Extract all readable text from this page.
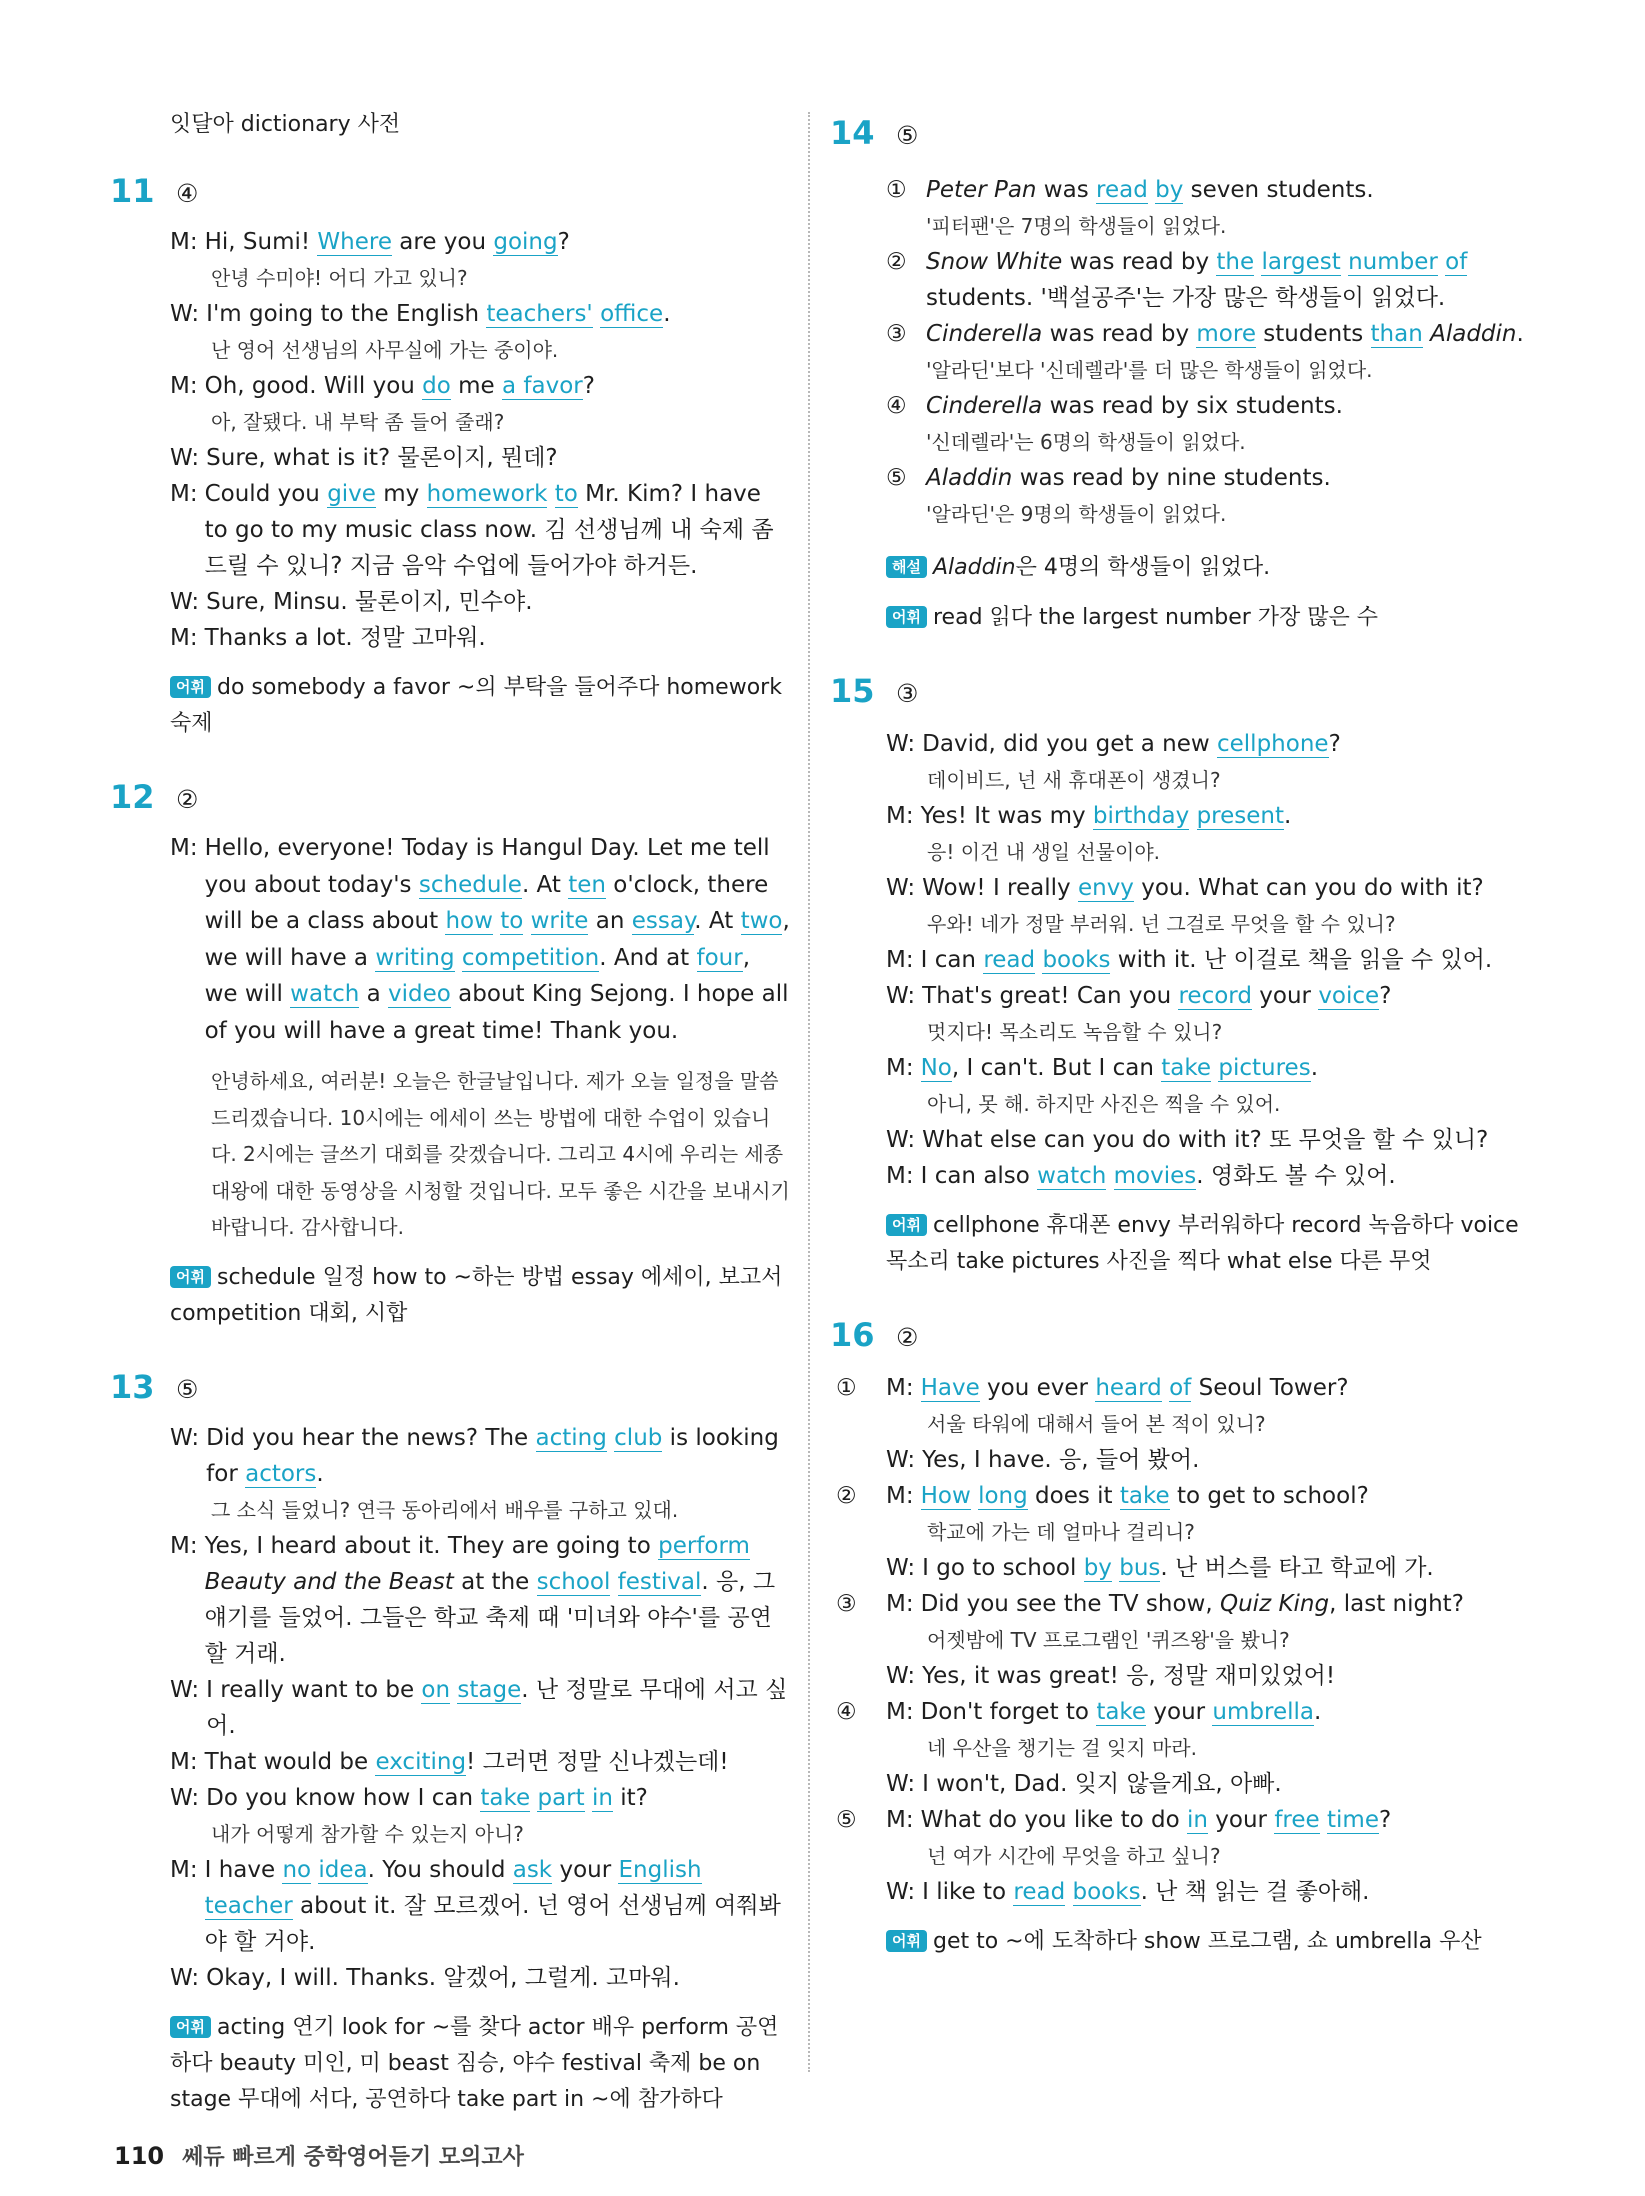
잇달아 dictionary 사전
11 ④
M: Hi, Sumi! Where are you going?
안녕 수미야! 어디 가고 있니?
W: I'm going to the English teachers' office.
난 영어 선생님의 사무실에 가는 중이야.
M: Oh, good. Will you do me a favor?
아, 잘됐다. 내 부탁 좀 들어 줄래?
W: Sure, what is it? 물론이지, 뭔데?
M: Could you give my homework to Mr. Kim? I have to go to my music class now. 김 선생님께 내 숙제 좀 드릴 수 있니? 지금 음악 수업에 들어가야 하거든.
W: Sure, Minsu. 물론이지, 민수야.
M: Thanks a lot. 정말 고마워.
어휘 do somebody a favor ~의 부탁을 들어주다 homework 숙제
12 ②
M: Hello, everyone! Today is Hangul Day. Let me tell you about today's schedule. At ten o'clock, there will be a class about how to write an essay. At two, we will have a writing competition. And at four, we will watch a video about King Sejong. I hope all of you will have a great time! Thank you.
안녕하세요, 여러분! 오늘은 한글날입니다. 제가 오늘 일정을 말씀드리겠습니다. 10시에는 에세이 쓰는 방법에 대한 수업이 있습니다. 2시에는 글쓰기 대회를 갖겠습니다. 그리고 4시에 우리는 세종대왕에 대한 동영상을 시청할 것입니다. 모두 좋은 시간을 보내시기 바랍니다. 감사합니다.
어휘 schedule 일정 how to ~하는 방법 essay 에세이, 보고서 competition 대회, 시합
13 ⑤
W: Did you hear the news? The acting club is looking for actors.
그 소식 들었니? 연극 동아리에서 배우를 구하고 있대.
M: Yes, I heard about it. They are going to perform
Beauty and the Beast at the school festival. 응, 그 얘기를 들었어. 그들은 학교 축제 때 '미녀와 야수'를 공연할 거래.
W: I really want to be on stage. 난 정말로 무대에 서고 싶어.
M: That would be exciting! 그러면 정말 신나겠는데!
W: Do you know how I can take part in it?
내가 어떻게 참가할 수 있는지 아니?
M: I have no idea. You should ask your English teacher about it. 잘 모르겠어. 넌 영어 선생님께 여쭤봐야 할 거야.
W: Okay, I will. Thanks. 알겠어, 그럴게. 고마워.
어휘 acting 연기 look for ~를 찾다 actor 배우 perform 공연하다 beauty 미인, 미 beast 짐승, 야수 festival 축제 be on stage 무대에 서다, 공연하다 take part in ~에 참가하다
14 ⑤
① Peter Pan was read by seven students.
'피터팬'은 7명의 학생들이 읽었다.
② Snow White was read by the largest number of students. '백설공주'는 가장 많은 학생들이 읽었다.
③ Cinderella was read by more students than Aladdin.
'알라딘'보다 '신데렐라'를 더 많은 학생들이 읽었다.
④ Cinderella was read by six students.
'신데렐라'는 6명의 학생들이 읽었다.
⑤ Aladdin was read by nine students.
'알라딘'은 9명의 학생들이 읽었다.
해설 Aladdin은 4명의 학생들이 읽었다.
어휘 read 읽다 the largest number 가장 많은 수
15 ③
W: David, did you get a new cellphone?
데이비드, 넌 새 휴대폰이 생겼니?
M: Yes! It was my birthday present.
응! 이건 내 생일 선물이야.
W: Wow! I really envy you. What can you do with it?
우와! 네가 정말 부러워. 넌 그걸로 무엇을 할 수 있니?
M: I can read books with it. 난 이걸로 책을 읽을 수 있어.
W: That's great! Can you record your voice?
멋지다! 목소리도 녹음할 수 있니?
M: No, I can't. But I can take pictures.
아니, 못 해. 하지만 사진은 찍을 수 있어.
W: What else can you do with it? 또 무엇을 할 수 있니?
M: I can also watch movies. 영화도 볼 수 있어.
어휘 cellphone 휴대폰 envy 부러워하다 record 녹음하다 voice 목소리 take pictures 사진을 찍다 what else 다른 무엇
16 ②
①	M: Have you ever heard of Seoul Tower?
서울 타워에 대해서 들어 본 적이 있니?
W: Yes, I have. 응, 들어 봤어.
②	M: How long does it take to get to school?
학교에 가는 데 얼마나 걸리니?
W: I go to school by bus. 난 버스를 타고 학교에 가.
③	M: Did you see the TV show, Quiz King, last night?
어젯밤에 TV 프로그램인 '퀴즈왕'을 봤니?
W: Yes, it was great! 응, 정말 재미있었어!
④	M: Don't forget to take your umbrella.
네 우산을 챙기는 걸 잊지 마라.
W: I won't, Dad. 잊지 않을게요, 아빠.
⑤	M: What do you like to do in your free time?
넌 여가 시간에 무엇을 하고 싶니?
W: I like to read books. 난 책 읽는 걸 좋아해.
어휘 get to ~에 도착하다 show 프로그램, 쇼 umbrella 우산
110 쎄듀 빠르게 중학영어듣기 모의고사
